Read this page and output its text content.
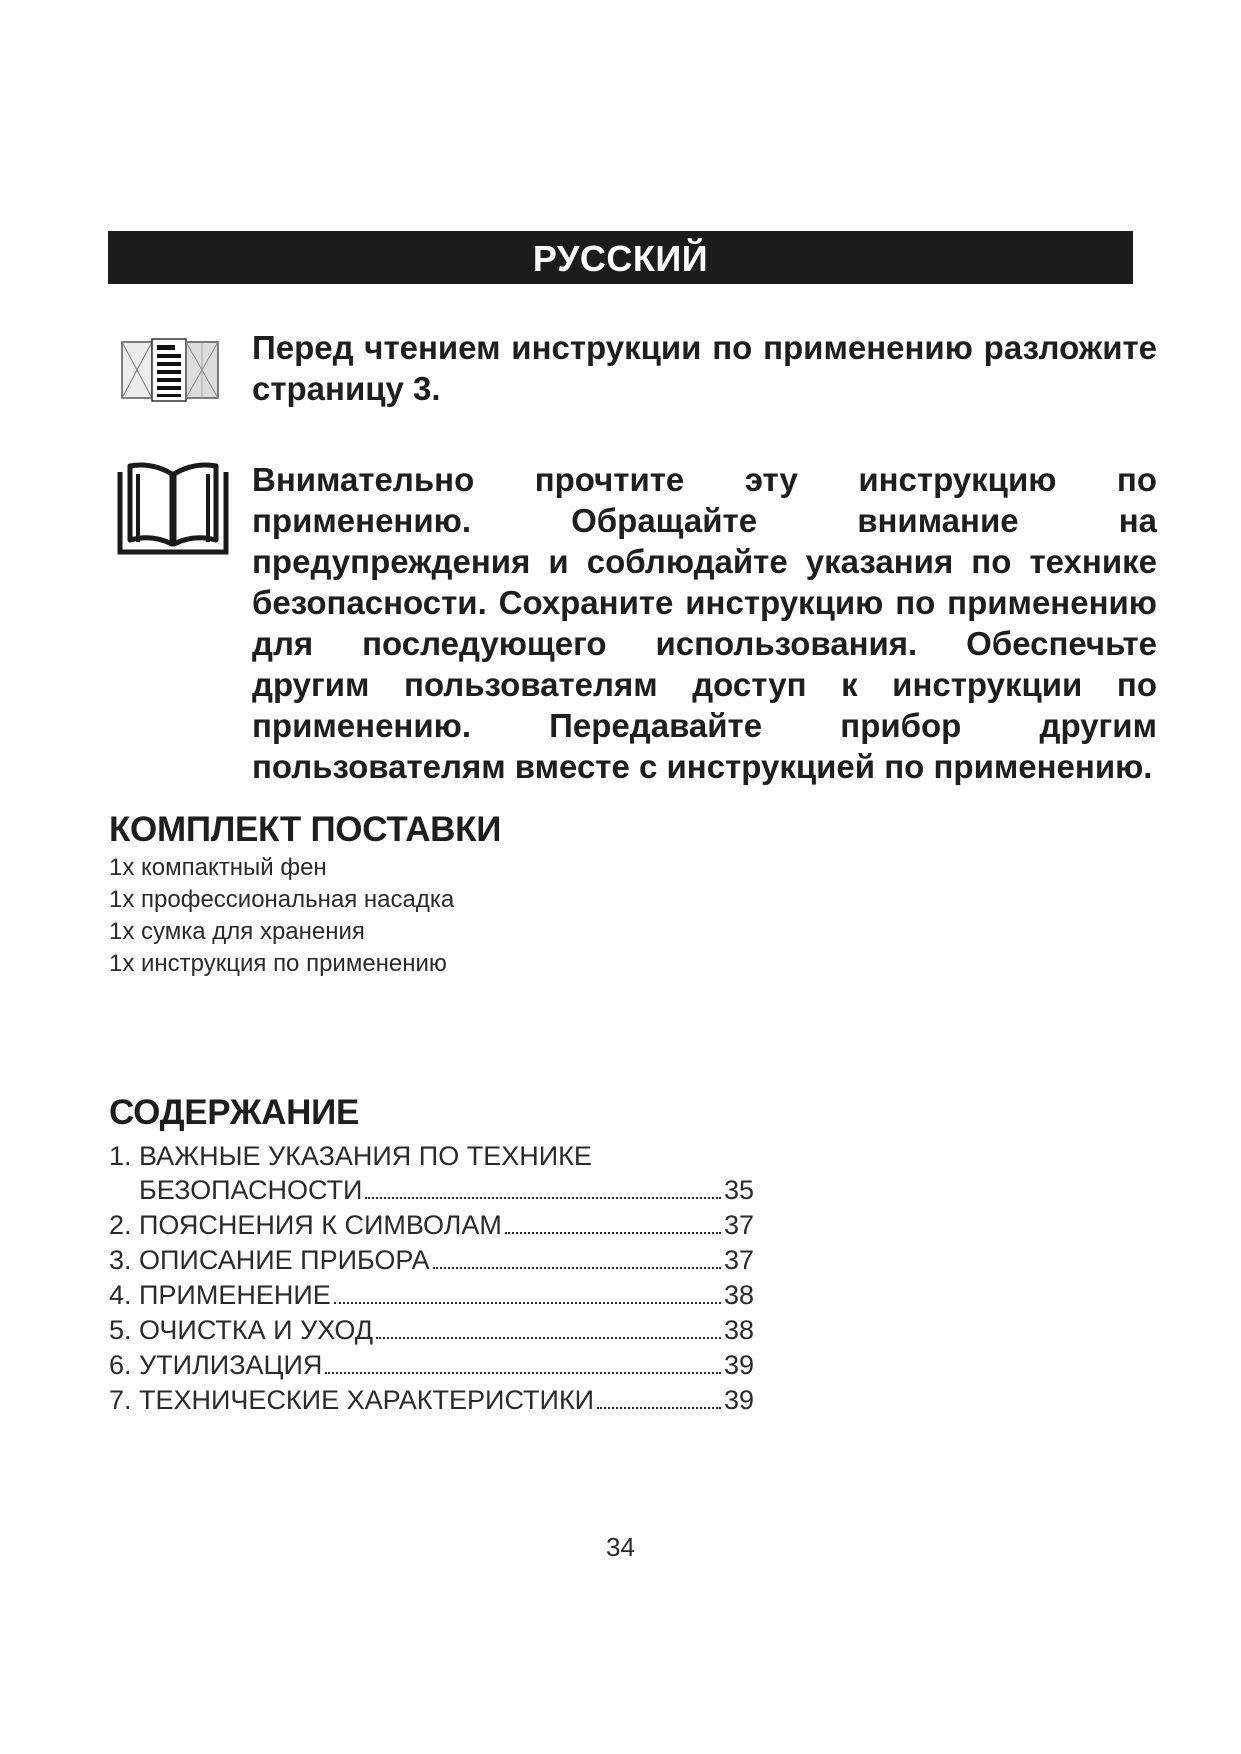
РУССКИЙ
Перед чтением инструкции по применению разложите страницу 3.
Внимательно прочтите эту инструкцию по применению. Обращайте внимание на предупреждения и соблюдайте указания по технике безопасности. Сохраните инструкцию по применению для последующего использования. Обеспечьте другим пользователям доступ к инструкции по применению. Передавайте прибор другим пользователям вместе с инструкцией по применению.
КОМПЛЕКТ ПОСТАВКИ
1x компактный фен
1x профессиональная насадка
1x сумка для хранения
1x инструкция по применению
СОДЕРЖАНИЕ
1. ВАЖНЫЕ УКАЗАНИЯ ПО ТЕХНИКЕ
БЕЗОПАСНОСТИ	35
2. ПОЯСНЕНИЯ К СИМВОЛАМ	37
3. ОПИСАНИЕ ПРИБОРА	37
4. ПРИМЕНЕНИЕ	38
5. ОЧИСТКА И УХОД	38
6. УТИЛИЗАЦИЯ	39
7. ТЕХНИЧЕСКИЕ ХАРАКТЕРИСТИКИ	39
34
